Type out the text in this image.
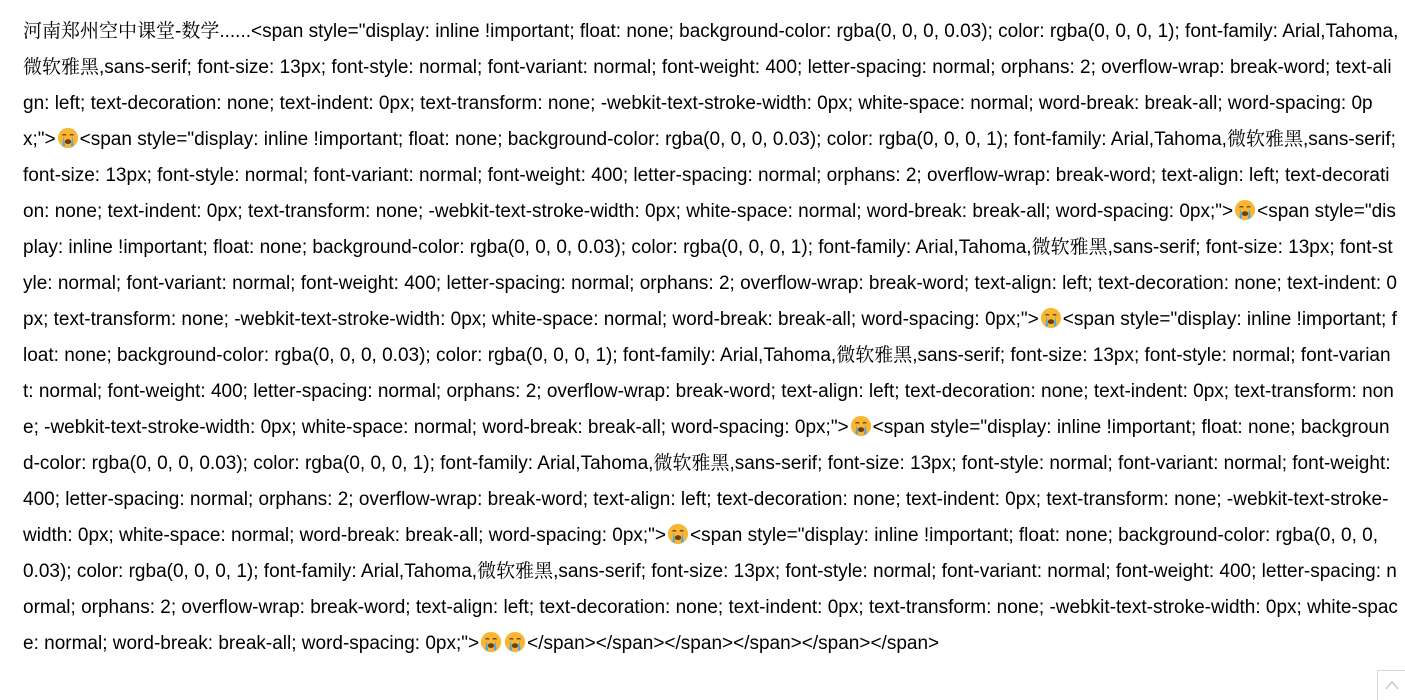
河南郑州空中课堂-数学......<span style="display: inline !important; float: none; background-color: rgba(0, 0, 0, 0.03); color: rgba(0, 0, 0, 1); font-family: Arial,Tahoma,微软雅黑,sans-serif; font-size: 13px; font-style: normal; font-variant: normal; font-weight: 400; letter-spacing: normal; orphans: 2; overflow-wrap: break-word; text-align: left; text-decoration: none; text-indent: 0px; text-transform: none; -webkit-text-stroke-width: 0px; white-space: normal; word-break: break-all; word-spacing: 0px;"> <span style="display: inline !important; float: none; background-color: rgba(0, 0, 0, 0.03); color: rgba(0, 0, 0, 1); font-family: Arial,Tahoma,微软雅黑,sans-serif; font-size: 13px; font-style: normal; font-variant: normal; font-weight: 400; letter-spacing: normal; orphans: 2; overflow-wrap: break-word; text-align: left; text-decoration: none; text-indent: 0px; text-transform: none; -webkit-text-stroke-width: 0px; white-space: normal; word-break: break-all; word-spacing: 0px;"> <span style="display: inline !important; float: none; background-color: rgba(0, 0, 0, 0.03); color: rgba(0, 0, 0, 1); font-family: Arial,Tahoma,微软雅黑,sans-serif; font-size: 13px; font-style: normal; font-variant: normal; font-weight: 400; letter-spacing: normal; orphans: 2; overflow-wrap: break-word; text-align: left; text-decoration: none; text-indent: 0px; text-transform: none; -webkit-text-stroke-width: 0px; white-space: normal; word-break: break-all; word-spacing: 0px;"> <span style="display: inline !important; float: none; background-color: rgba(0, 0, 0, 0.03); color: rgba(0, 0, 0, 1); font-family: Arial,Tahoma,微软雅黑,sans-serif; font-size: 13px; font-style: normal; font-variant: normal; font-weight: 400; letter-spacing: normal; orphans: 2; overflow-wrap: break-word; text-align: left; text-decoration: none; text-indent: 0px; text-transform: none; -webkit-text-stroke-width: 0px; white-space: normal; word-break: break-all; word-spacing: 0px;"> <span style="display: inline !important; float: none; background-color: rgba(0, 0, 0, 0.03); color: rgba(0, 0, 0, 1); font-family: Arial,Tahoma,微软雅黑,sans-serif; font-size: 13px; font-style: normal; font-variant: normal; font-weight: 400; letter-spacing: normal; orphans: 2; overflow-wrap: break-word; text-align: left; text-decoration: none; text-indent: 0px; text-transform: none; -webkit-text-stroke-width: 0px; white-space: normal; word-break: break-all; word-spacing: 0px;"> <span style="display: inline !important; float: none; background-color: rgba(0, 0, 0, 0.03); color: rgba(0, 0, 0, 1); font-family: Arial,Tahoma,微软雅黑,sans-serif; font-size: 13px; font-style: normal; font-variant: normal; font-weight: 400; letter-spacing: normal; orphans: 2; overflow-wrap: break-word; text-align: left; text-decoration: none; text-indent: 0px; text-transform: none; -webkit-text-stroke-width: 0px; white-space: normal; word-break: break-all; word-spacing: 0px;">	</span></span></span></span></span></span>
